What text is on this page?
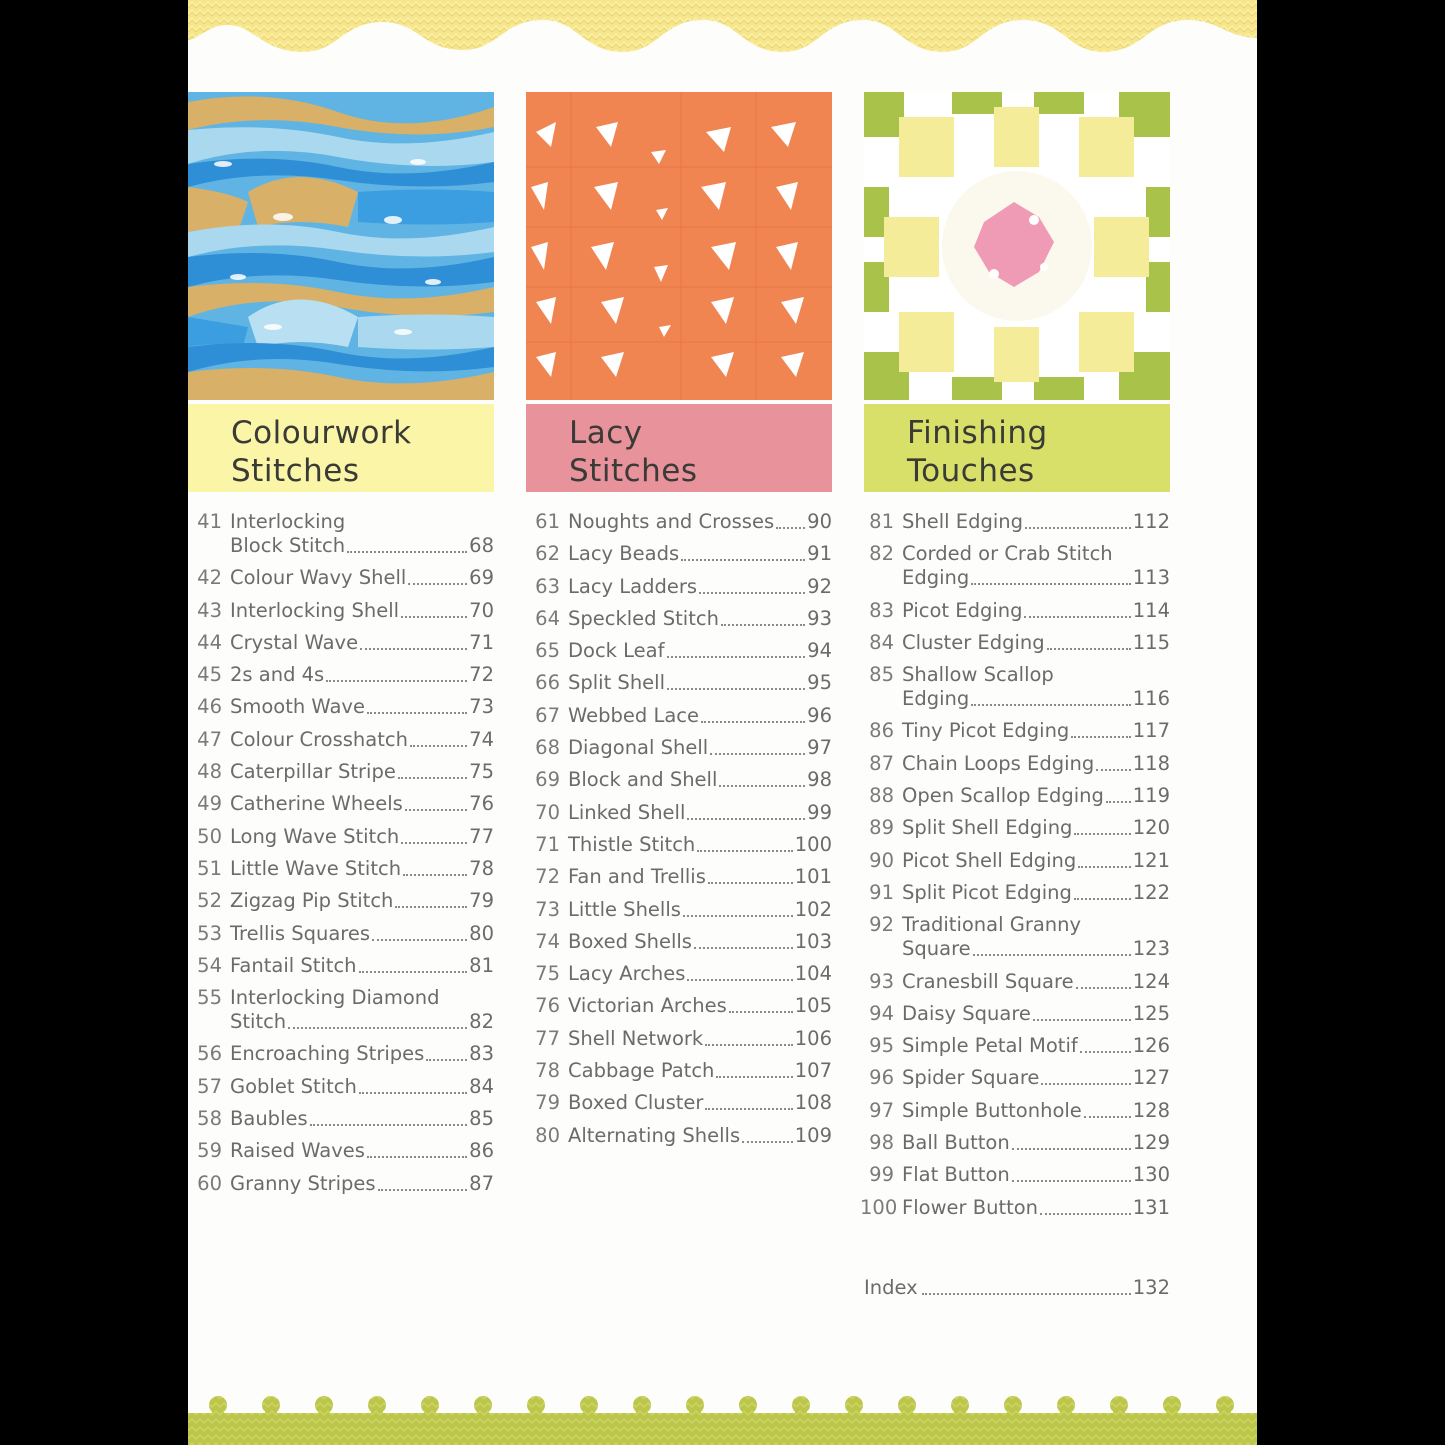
Colourwork
Stitches
Lacy
Stitches
Finishing
Touches
41 Interlocking
Block Stitch	68
42 Colour Wavy Shell	69
43 Interlocking Shell	70
44 Crystal Wave	71
45 2s and 4s	72
46 Smooth Wave	73
47 Colour Crosshatch	74
48 Caterpillar Stripe	75
49 Catherine Wheels	76
50 Long Wave Stitch	77
51 Little Wave Stitch	78
52 Zigzag Pip Stitch	79
53 Trellis Squares	80
54 Fantail Stitch	81
55 Interlocking Diamond
Stitch	82
56 Encroaching Stripes 83
57 Goblet Stitch	84
58 Baubles	85
59 Raised Waves	86
60 Granny Stripes	87
61 Noughts and Crosses 90
62 Lacy Beads	91
63 Lacy Ladders	92
64 Speckled Stitch	93
65 Dock Leaf	94
66 Split Shell	95
67 Webbed Lace	96
68 Diagonal Shell	97
69 Block and Shell	98
70 Linked Shell	99
71 Thistle Stitch	100
72 Fan and Trellis	101
73 Little Shells	102
74 Boxed Shells	103
75 Lacy Arches	104
76 Victorian Arches	105
77 Shell Network	106
78 Cabbage Patch	107
79 Boxed Cluster	108
80 Alternating Shells	109
81 Shell Edging	112
82 Corded or Crab Stitch
Edging	113
83 Picot Edging	114
84 Cluster Edging	115
85 Shallow Scallop
Edging	116
86 Tiny Picot Edging	117
87 Chain Loops Edging 118
88 Open Scallop Edging 119
89 Split Shell Edging	120
90 Picot Shell Edging	121
91 Split Picot Edging	122
92 Traditional Granny
Square	123
93 Cranesbill Square	124
94 Daisy Square	125
95 Simple Petal Motif	126
96 Spider Square	127
97 Simple Buttonhole	128
98 Ball Button	129
99 Flat Button	130
100 Flower Button	131
Index	132
